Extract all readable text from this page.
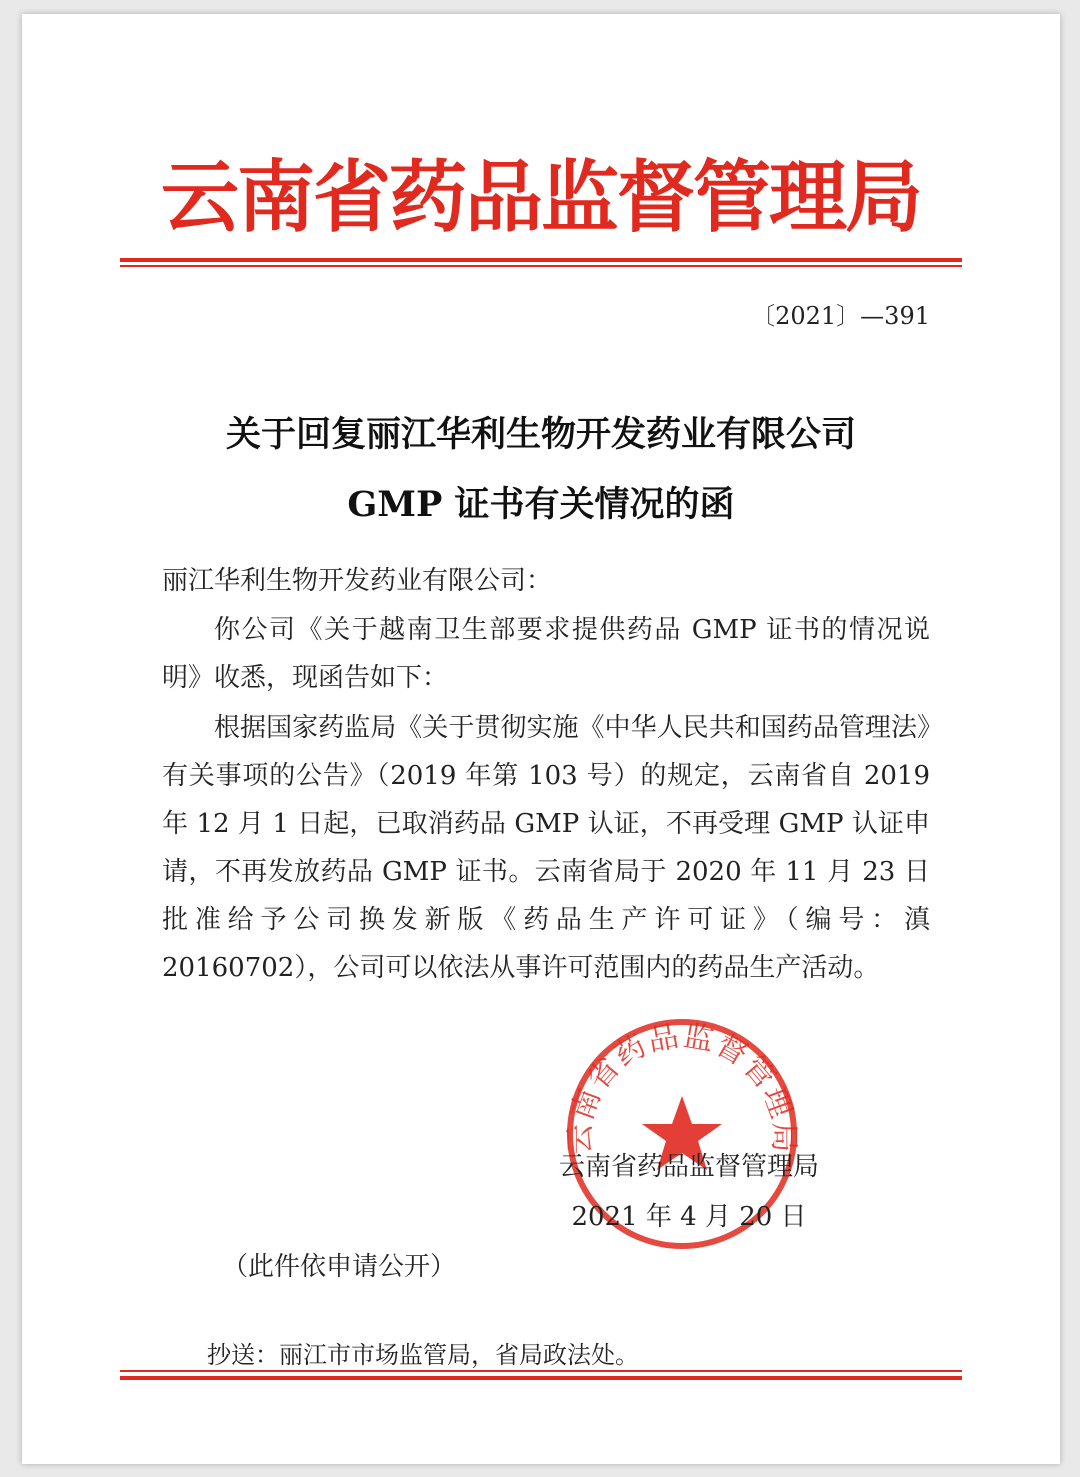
云南省药品监督管理局
〔2021〕—391
关于回复丽江华利生物开发药业有限公司
GMP 证书有关情况的函
丽江华利生物开发药业有限公司：
你公司《关于越南卫生部要求提供药品 GMP 证书的情况说明》收悉，现函告如下：
根据国家药监局《关于贯彻实施《中华人民共和国药品管理法》有关事项的公告》（2019 年第 103 号）的规定，云南省自 2019 年 12 月 1 日起，已取消药品 GMP 认证，不再受理 GMP 认证申请，不再发放药品 GMP 证书。云南省局于 2020 年 11 月 23 日批准给予公司换发新版《药品生产许可证》（编号：滇 20160702），公司可以依法从事许可范围内的药品生产活动。
云南省药品监督管理局
云南省药品监督管理局
2021 年 4 月 20 日
（此件依申请公开）
抄送：丽江市市场监管局，省局政法处。
